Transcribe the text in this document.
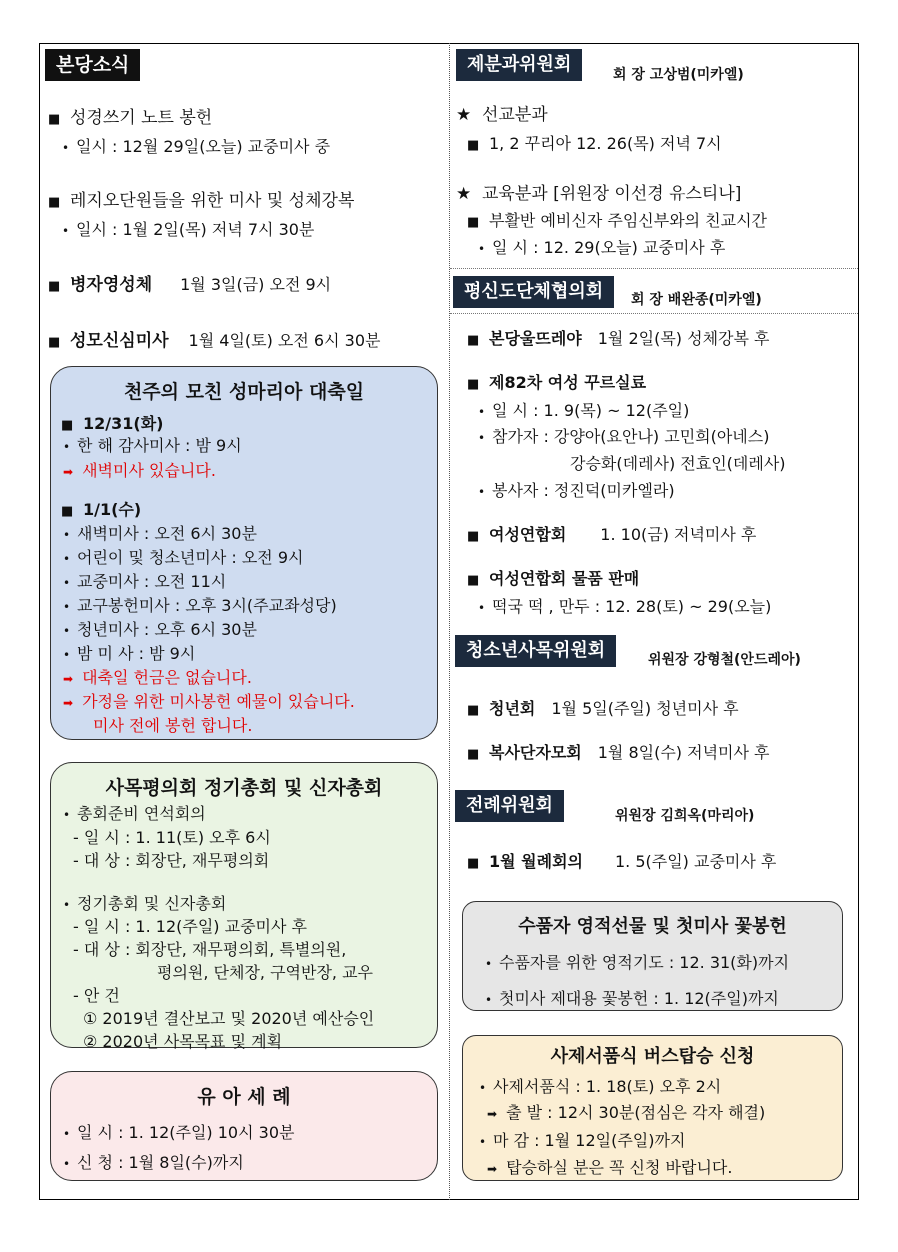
본당소식
■ 성경쓰기 노트 봉헌
• 일시 : 12월 29일(오늘) 교중미사 중
■ 레지오단원들을 위한 미사 및 성체강복
• 일시 : 1월 2일(목) 저녁 7시 30분
■ 병자영성체 1월 3일(금) 오전 9시
■ 성모신심미사 1월 4일(토) 오전 6시 30분
천주의 모친 성마리아 대축일
■ 12/31(화)
• 한 해 감사미사 : 밤 9시
➡ 새벽미사 있습니다.
■ 1/1(수)
• 새벽미사 : 오전 6시 30분
• 어린이 및 청소년미사 : 오전 9시
• 교중미사 : 오전 11시
• 교구봉헌미사 : 오후 3시(주교좌성당)
• 청년미사 : 오후 6시 30분
• 밤 미 사 : 밤 9시
➡ 대축일 헌금은 없습니다.
➡ 가정을 위한 미사봉헌 예물이 있습니다.
미사 전에 봉헌 합니다.
사목평의회 정기총회 및 신자총회
• 총회준비 연석회의
- 일 시 : 1. 11(토) 오후 6시
- 대 상 : 회장단, 재무평의회
• 정기총회 및 신자총회
- 일 시 : 1. 12(주일) 교중미사 후
- 대 상 : 회장단, 재무평의회, 특별의원,
평의원, 단체장, 구역반장, 교우
- 안 건
① 2019년 결산보고 및 2020년 예산승인
② 2020년 사목목표 및 계획
유 아 세 례
• 일 시 : 1. 12(주일) 10시 30분
• 신 청 : 1월 8일(수)까지
제분과위원회	회 장 고상범(미카엘)
★ 선교분과
■ 1, 2 꾸리아 12. 26(목) 저녁 7시
★ 교육분과 [위원장 이선경 유스티나]
■ 부활반 예비신자 주임신부와의 친교시간
• 일 시 : 12. 29(오늘) 교중미사 후
평신도단체협의회	회 장 배완종(미카엘)
■ 본당울뜨레야 1월 2일(목) 성체강복 후
■ 제82차 여성 꾸르실료
• 일 시 : 1. 9(목) ~ 12(주일)
• 참가자 : 강양아(요안나) 고민희(아네스)
강승화(데레사) 전효인(데레사)
• 봉사자 : 정진덕(미카엘라)
■ 여성연합회 1. 10(금) 저녁미사 후
■ 여성연합회 물품 판매
• 떡국 떡 , 만두 : 12. 28(토) ~ 29(오늘)
청소년사목위원회	위원장 강형철(안드레아)
■ 청년회 1월 5일(주일) 청년미사 후
■ 복사단자모회 1월 8일(수) 저녁미사 후
전례위원회	위원장 김희옥(마리아)
■ 1월 월례회의 1. 5(주일) 교중미사 후
수품자 영적선물 및 첫미사 꽃봉헌
• 수품자를 위한 영적기도 : 12. 31(화)까지
• 첫미사 제대용 꽃봉헌 : 1. 12(주일)까지
사제서품식 버스탑승 신청
• 사제서품식 : 1. 18(토) 오후 2시
➡ 출 발 : 12시 30분(점심은 각자 해결)
• 마 감 : 1월 12일(주일)까지
➡ 탑승하실 분은 꼭 신청 바랍니다.
